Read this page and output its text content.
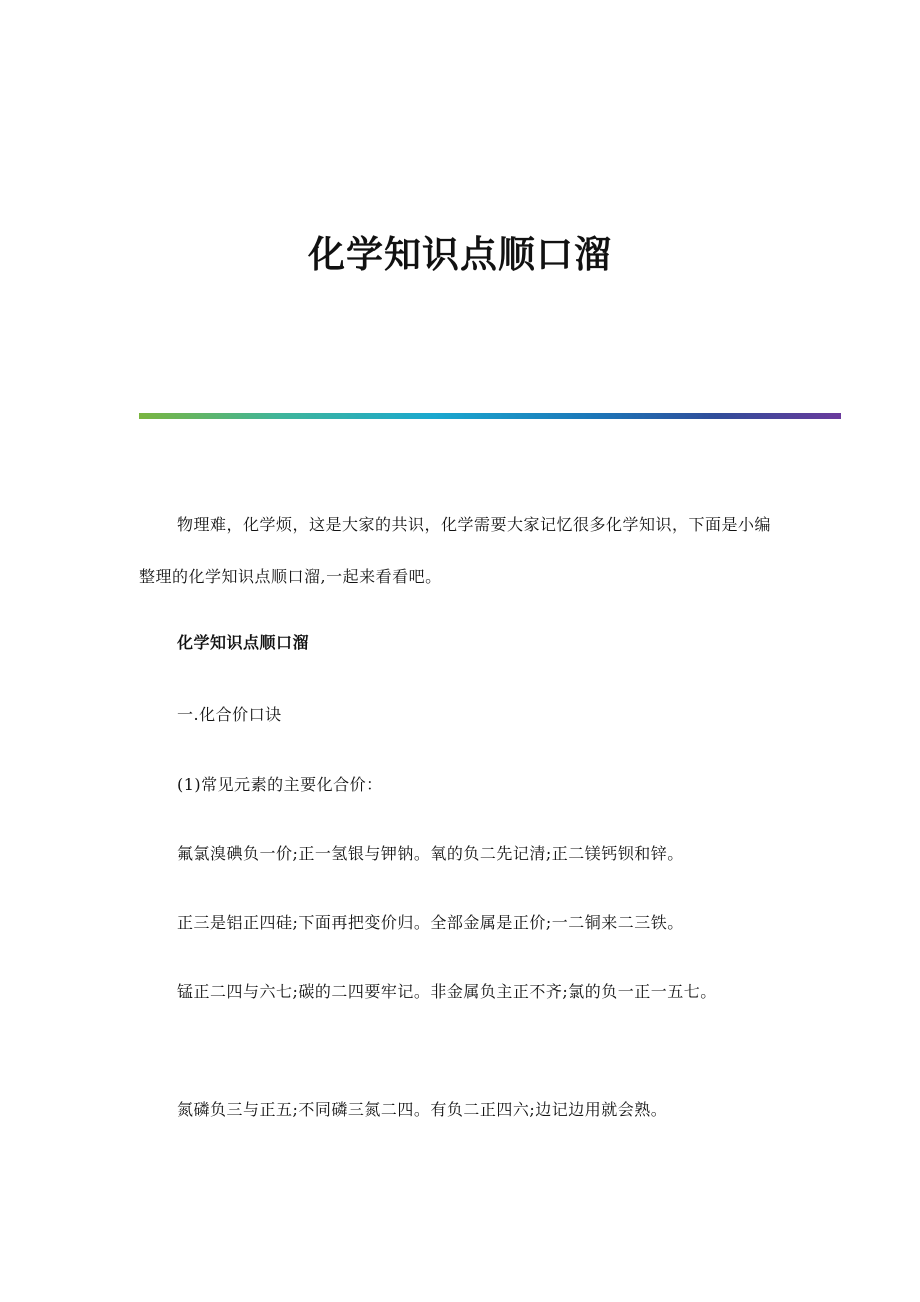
化学知识点顺口溜

物理难，化学烦，这是大家的共识，化学需要大家记忆很多化学知识，下面是小编整理的化学知识点顺口溜,一起来看看吧。

化学知识点顺口溜

一.化合价口诀

(1)常见元素的主要化合价：

氟氯溴碘负一价;正一氢银与钾钠。氧的负二先记清;正二镁钙钡和锌。

正三是铝正四硅;下面再把变价归。全部金属是正价;一二铜来二三铁。

锰正二四与六七;碳的二四要牢记。非金属负主正不齐;氯的负一正一五七。

氮磷负三与正五;不同磷三氮二四。有负二正四六;边记边用就会熟。
